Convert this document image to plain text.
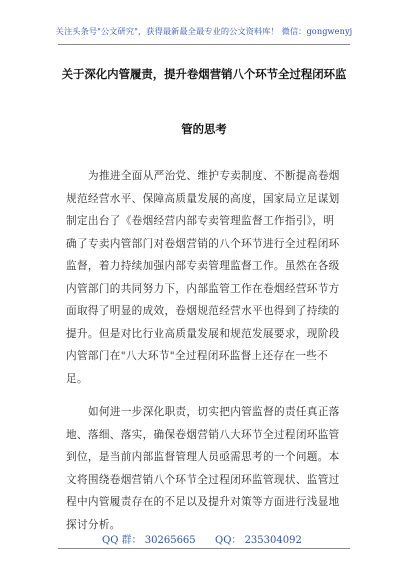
关注头条号"公文研究"，获得最新最全最专业的公文资料库！ 微信：gongwenyj
关于深化内管履责，提升卷烟营销八个环节全过程闭环监
管的思考
为推进全面从严治党、维护专卖制度、不断提高卷烟
规范经营水平、保障高质量发展的高度，国家局立足谋划
制定出台了《卷烟经营内部专卖管理监督工作指引》，明
确了专卖内管部门对卷烟营销的八个环节进行全过程闭环
监督，着力持续加强内部专卖管理监督工作。虽然在各级
内管部门的共同努力下，内部监管工作在卷烟经营环节方
面取得了明显的成效，卷烟规范经营水平也得到了持续的
提升。但是对比行业高质量发展和规范发展要求，现阶段
内管部门在"八大环节"全过程闭环监督上还存在一些不
足。
如何进一步深化职责，切实把内管监督的责任真正落
地、落细、落实，确保卷烟营销八大环节全过程闭环监管
到位，是当前内部监督管理人员亟需思考的一个问题。本
文将围绕卷烟营销八个环节全过程闭环监管现状、监管过
程中内管履责存在的不足以及提升对策等方面进行浅显地
探讨分析。
QQ 群： 30265665 QQ： 235304092
